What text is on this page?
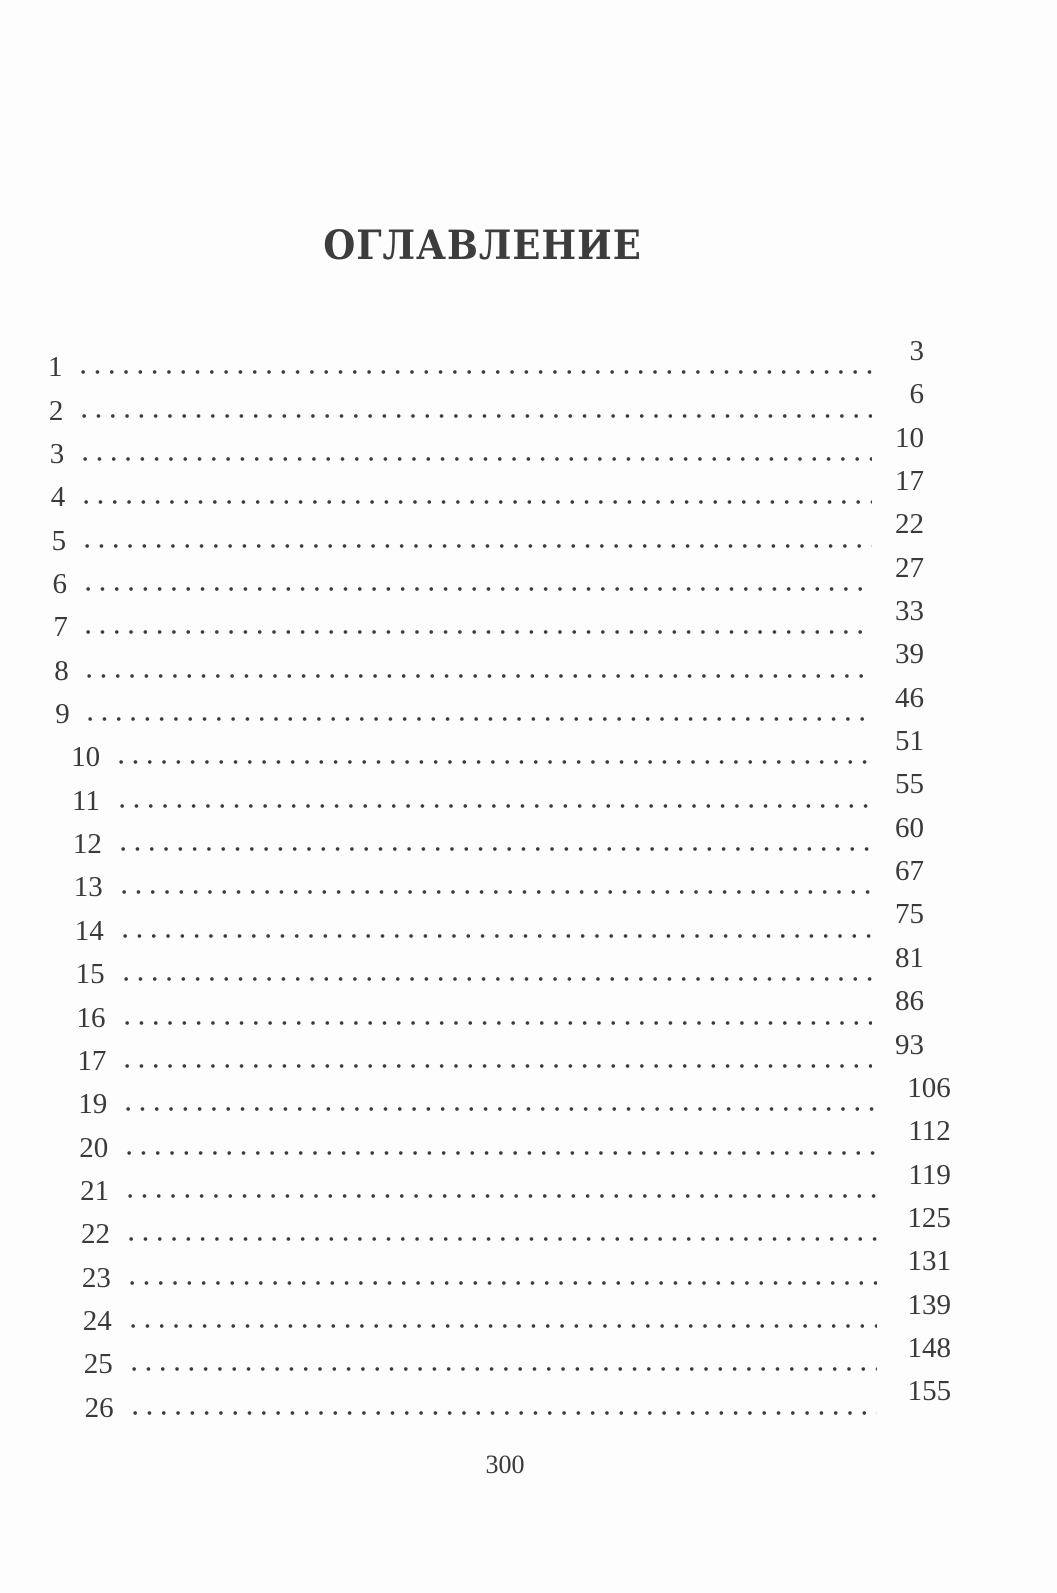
ОГЛАВЛЕНИЕ
1
3
2
6
3
10
4
17
5
22
6
27
7
33
8
39
9
46
10
51
11
55
12
60
13
67
14
75
15
81
16
86
17
93
19
106
20
112
21
119
22
125
23
131
24
139
25
148
26
155
300
